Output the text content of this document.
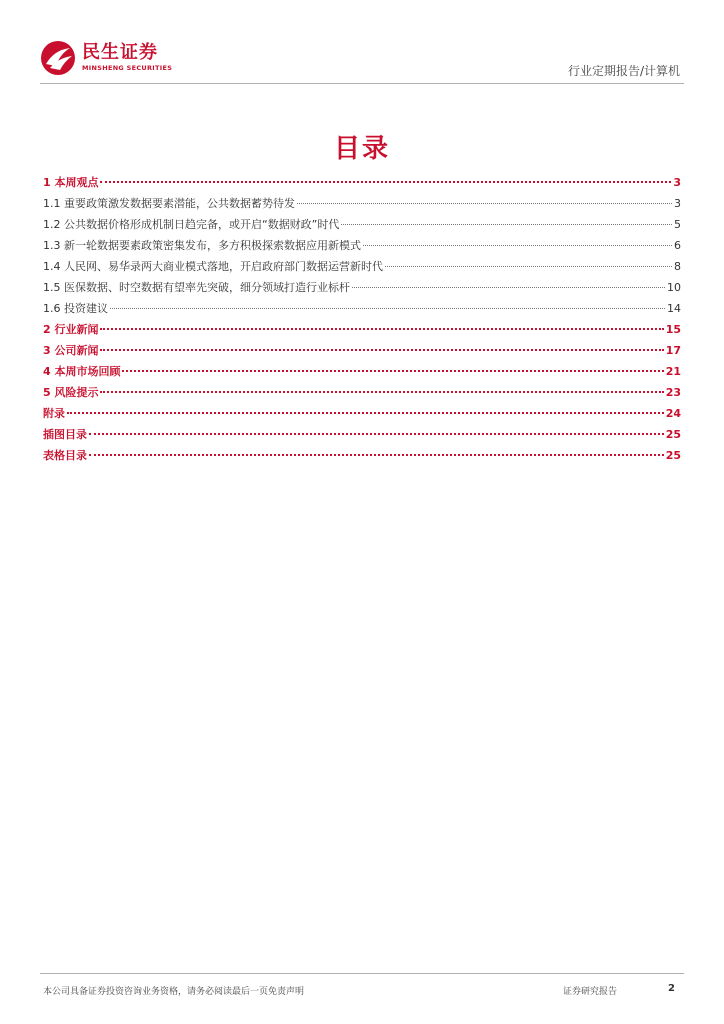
民生证券
MINSHENG SECURITIES	行业定期报告/计算机
目录
1 本周观点	3
1.1 重要政策激发数据要素潜能，公共数据蓄势待发	3
1.2 公共数据价格形成机制日趋完备，或开启“数据财政”时代	5
1.3 新一轮数据要素政策密集发布，多方积极探索数据应用新模式	6
1.4 人民网、易华录两大商业模式落地，开启政府部门数据运营新时代	8
1.5 医保数据、时空数据有望率先突破，细分领域打造行业标杆	10
1.6 投资建议	14
2 行业新闻	15
3 公司新闻	17
4 本周市场回顾	21
5 风险提示	23
附录	24
插图目录	25
表格目录	25
本公司具备证券投资咨询业务资格，请务必阅读最后一页免责声明	证券研究报告	2
